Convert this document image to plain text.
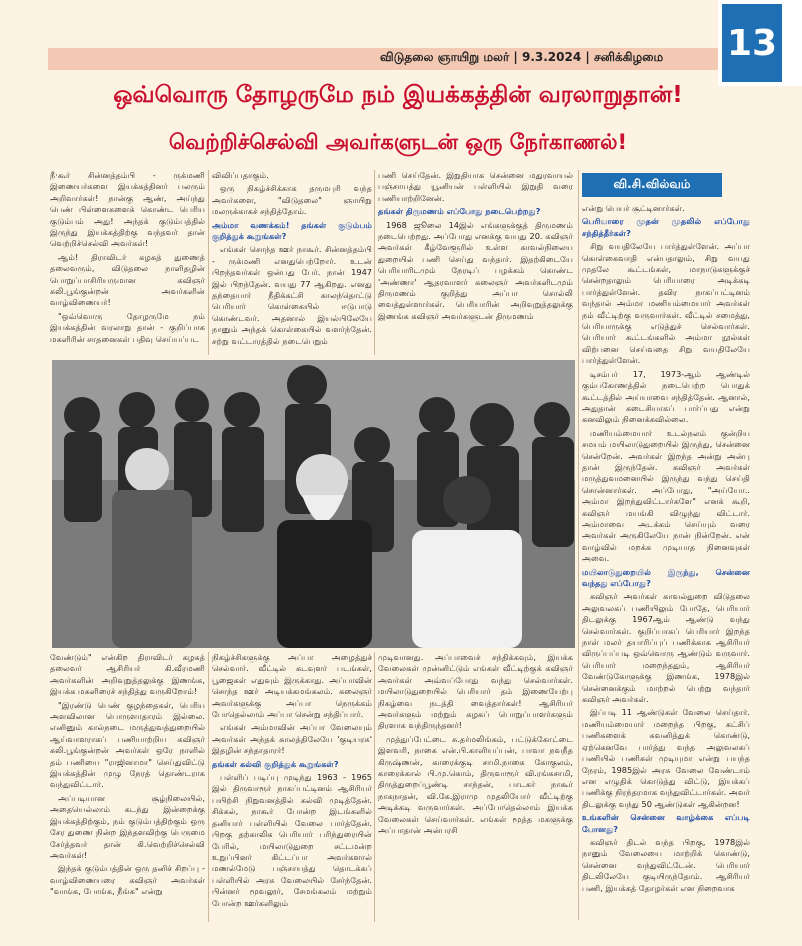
விடுதலை ஞாயிறு மலர் | 9.3.2024 | சனிக்கிழமை	13
ஒவ்வொரு தோழருமே நம் இயக்கத்தின் வரலாறுதான்!
வெற்றிச்செல்வி அவர்களுடன் ஒரு நேர்காணல்!

நீ·கூர் சின்னத்தம்பி - ருக்மணி இணையர்களை இயக்கத்தினர் பலரும் அறிவார்கள்! நான்கு ஆண், அய்ந்து பெண் பிள்ளைகளைக் கொண்ட பெரிய குடும்பம் அது! அந்தக் குடும்பத்தில் இருந்து இயக்கத்திற்கு வந்தவர் தான் வெற்றிச்செல்வி அவர்கள்!

ஆம்! திராவிடர் கழகத் துணைத் தலைவரும், விடுதலை நாளிதழின் பொறுப்பாசிரியருமான கவிஞர் கலி.பூங்குன்றன் அவர்களின் வாழ்விணையர்!

"ஒவ்வொரு தோழருமே நம் இயக்கத்தின் வரலாறு தான் - குறிப்பாக மகளிரின் சாதனைகள் பதிவு செய்யப்பட

விவிப்பதாகும்.

ஒரு நிகழ்ச்சிக்காக தருமபுரி வந்த அவர்களை, "விடுதலை" ஞாயிறு மலருக்காகச் சந்தித்தோம்.

அம்மா வணக்கம்! தங்கள் குடும்பம் குறித்துக் கூறுங்கள்?

எங்கள் சொந்த ஊர் நாகூர். சின்னத்தம்பி - ருக்மணி எனதுபெற்றோர். உடன் பிறந்தவர்கள் ஒன்பது பேர். நான் 1947 இல் பிறந்தேன். வயது 77 ஆகிறது. எனது தந்தையார் நீதிக்கட்சி காலந்தொட்டு பெரியார் கொள்கையில் ஈடுபாடு கொண்டவர். அதனால் இயல்பிலேயே நானும் அந்தக் கொள்கையில் வளர்ந்தேன். சற்று வட்டாரத்தில் நடைபெறும்

பணி செய்தேன். இறுதியாக சென்னை மதுரவாயல் பஞ்சாயத்து யூனியன் பள்ளியில் இறுதி வரை பணியாற்றினேன்.

தங்கள் திருமணம் எப்போது நடைபெற்றது?

1968 ஜூலை 14இல் எங்களுக்குத் திருமணம் நடைபெற்றது. அப்போது எனக்கு வயது 20. கவிஞர் அவர்கள் கீழ்வேளூரில் உள்ள காவல்நிலைய துறையில் பணி செய்து வந்தார். இதற்கிடையே பெரியாரிடமும் நேரடிப் பழக்கம் கொண்ட 'அண்ணா' ஆதரவாளர் கலைஞர் அவர்களிடமும் திருமணம் குறித்து அப்பா சொல்லி வைத்துள்ளார்கள். பெரியாரின் அறிவுறுத்தலுக்கு இணங்க கவிஞர் அவர்களுடன் திருமணம்

வி.சி.வில்வம்

என்று பெயர் சூட்டினார்கள்.

பெரியாரை முதன் முதலில் எப்போது சந்தித்தீர்கள்?

சிறு வயதிலேயே பார்த்துள்ளேன். அப்பா கொள்கைவாதி என்பதாலும், சிறு வயது முதலே கூட்டங்கள், மாநாடுகளுக்குச் சென்றதாலும் பெரியாரை அடிக்கடி பார்த்துள்ளேன். தவிர நாகப்பட்டினம் வந்தால் அம்மா மணியம்மையார் அவர்கள் நம் வீட்டிற்கு வருவார்கள். வீட்டில் சமைத்து, பெரியாருக்கு எடுத்துச் செல்வார்கள். பெரியார் கூட்டங்களில் அம்மா நூல்கள் விற்பனை செய்வதை சிறு வயதிலேயே பார்த்துள்ளேன்.

டிசம்பர் 17, 1973-ஆம் ஆண்டில் கும்பகோணத்தில் நடைபெற்ற பொதுக் கூட்டத்தில் அய்யாவை சந்தித்தேன். ஆனால், அதுதான் கடைசியாகப் பார்ப்பது என்று கனவிலும் நினைக்கவில்லை.

மணியம்மையார் உடல்நலம் குன்றிய சமயம் மயிலாடுதுறையில் இருந்து, சென்னை சென்றேன். அவர்கள் இறந்த அன்று அன்பு தான் இருந்தேன். கவிஞர் அவர்கள் மருத்துவமனையில் இருந்து வந்து செய்தி சொன்னார்கள். அப்போது, "அய்யோ.. அம்மா இறந்துவிட்டார்களே" எனக் கூறி, கவிஞர் மயங்கி விழுந்து விட்டார். அம்மாவை அடக்கம் செய்யும் வரை அவர்கள் அருகிலேயே நான் நின்றேன். என் வாழ்வில் மறக்க முடியாத நினைவுகள் அவை.

மயிலாடுதுறையில் இருந்து, சென்னை வந்தது எப்போது?

கவிஞர் அவர்கள் காவல்துறை விடுதலை அலுவலகப் பணியிலும் போதே, பெரியார் திடலுக்கு 1967ஆம் ஆண்டு வந்து செல்வார்கள். குறிப்பாகப் பெரியார் இறந்த நாள் மலர் தயாரிப்புப் பணிக்காக ஆசிரியர் விருப்பப்படி ஒவ்வொரு ஆண்டும் வருவார். பெரியார் மறைந்ததும், ஆசிரியர் வேண்டுகோளுக்கு இணங்க, 1978இல் சென்னைக்கும் மாற்றல் பெற்று வந்தார் கவிஞர் அவர்கள்.

இப்படி 11 ஆண்டுகள் வேலை செய்தார். மணியம்மையார் மறைந்த பிறகு, கட்சிப் பணிகளைக் கவனித்துக் கொண்டு, ஏற்கெனவே பார்த்து வந்த அலுவலகப் பணியில் பணிகள் முடியுமா என்று பயந்த நேரம், 1985இல் அரசு வேலை வேண்டாம் என எழுதிக் கொடுத்து விட்டு, இயக்கப் பணிக்கு நிரந்தரமாக வந்துவிட்டார்கள். அவர் திடலுக்கு வந்து 50 ஆண்டுகள் ஆகின்றன!

உங்களின் சென்னை வாழ்க்கை எப்படி போனது?

கவிஞர் திடல் வந்த பிறகு, 1978இல் நானும் வேலையை மாற்றிக் கொண்டு, சென்னை வந்துவிட்டேன். பெரியார் திடலிலேயே குடியிருந்தோம். ஆசிரியர் பணி, இயக்கத் தோழர்கள் என நிறைவாக

வேண்டும்" என்கிற திராவிடர் கழகத் தலைவர் ஆசிரியர் கி.வீரமணி அவர்களின் அறிவுறுத்தலுக்கு இணங்க, இயக்க மகளிரைச் சந்தித்து வருகிறோம்!

"இரண்டு பெண் குழந்தைகள், பெரிய அளவிலான பொருளாதாரம் இல்லை. எனினும் கால்நடை மருத்துவத்துறையில் ஆய்வாளராகப் பணியாற்றிய கவிஞர் கலி.பூங்குன்றன் அவர்கள் ஒரே நாளில் தம் பணியை "ராஜினாமா" செய்துவிட்டு இயக்கத்தின் முழு நேரத் தொண்டராக வந்துவிட்டார்.

அப்படியான சூழ்நிலையில், அதையெல்லாம் கடந்து இன்றைக்கு இயக்கத்திற்கும், நம் குடும்பத்திற்கும் ஒரு சேர துணை நின்ற இந்தளவிற்கு பெருமை சேர்த்தவர் தான் கி.வெற்றிச்செல்வி அவர்கள்!

இந்தக் குடும்பத்தின் ஒரு தனிச் சிறப்பு - வாழ்விணையரை கவிஞர் அவர்கள் "வாங்க, போங்க, நீங்க" என்று

நிகழ்ச்சிகளுக்கு அப்பா அழைத்துச் செல்வார். வீட்டில் கடவுளர் படங்கள், பூஜைகள் எதுவும் இருக்காது. அப்பாவின் சொந்த ஊர் அடியக்கமங்கலம். கலைஞர் அவர்களுக்கு அப்பா நெருக்கம் போதெல்லாம் அப்பா சென்று சந்திப்பார்.

எங்கள் அம்மாவின் அப்பா வேலையும் அவர்கள் அந்தக் காலத்திலேயே 'குடியரசு' இதழின் சந்தாதாரர்!

தங்கள் கல்வி குறித்துக் கூறுங்கள்?

பள்ளிப் படிப்பு முடிந்து 1963 - 1965 இல் திருவாரூர் நாகப்பட்டினம் ஆசிரியர் பயிற்சி நிறுவனத்தில் கல்வி முடித்தேன். சிக்கல், நாகூர் போன்ற இடங்களில் தனியார் பள்ளியில் வேலை பார்த்தேன். பிறகு தற்காலிக பெரியார் பரிந்துரையின் பேரில், மயிலாடுதுறை சட்டமன்ற உறுப்பினர் கிட்டப்பா அவர்களால் மணல்மேடு பஞ்சாயத்து தொடக்கப் பள்ளியில் அரசு வேலையில் சேர்ந்தேன். பின்னர் மூவலூர், சேமங்கலம் மற்றும் போன்ற ஊர்களிலும்

முடிவானது. அப்பாவைச் சந்திக்கவும், இயக்க வேலைகள் முன்னிட்டும் எங்கள் வீட்டிற்குக் கவிஞர் அவர்கள் அவ்வப்போது வந்து செல்வார்கள். மயிலாடுதுறையில் பெரியார் தம் இணையேற்பு நிகழ்வை நடத்தி வைத்தார்கள்! ஆசிரியர் அவர்களும் மற்றும் கழகப் பொறுப்பாளர்களும் திரளாக வந்திருந்தனர்!

முத்துப்பேட்டை சு.தர்மலிங்கம், பட்டுக்கோட்டை இளவரி, நாகை என்.பி.காளியப்பன், பாவா நவநீத கிருஷ்ணன், காரைக்குடி சாமி.நாகை கோகுலம், காரைக்கால் பி.மு.கொம், திருவாரூர் வி.ரங்கசாமி, திருத்துறைப்பூண்டி சாந்தன், பாடகர் நாகூர் நாகநாதன், வி.கே.இராமு முதலியோர் வீட்டிற்கு அடிக்கடி வருவார்கள். அப்போதெல்லாம் இயக்க வேலைகள் செய்வார்கள். எங்கள் மூத்த மகளுக்கு அப்பாதான் அன்பரசி
